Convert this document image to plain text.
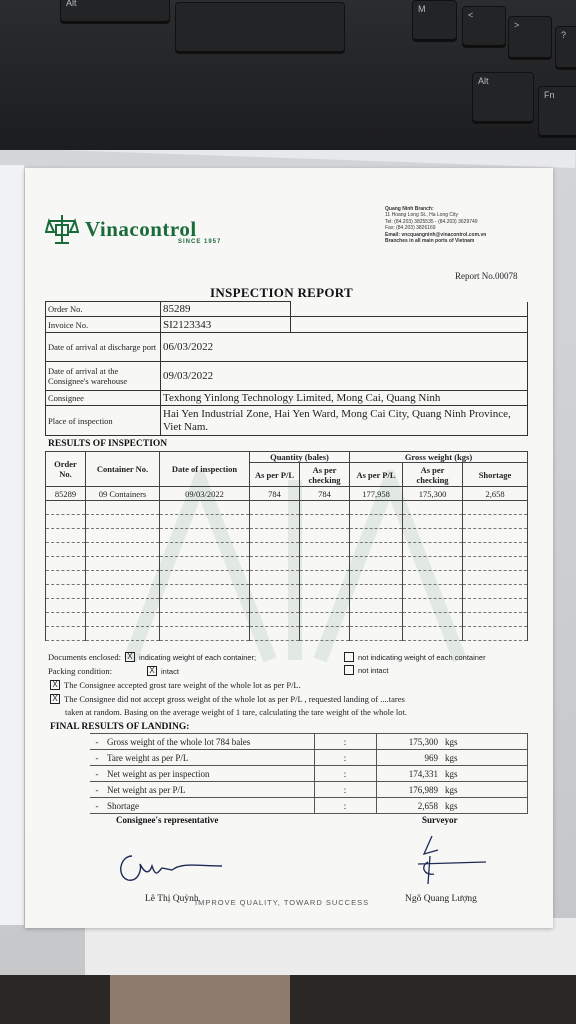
Alt
M
<
>
?
Alt
Fn
Vinacontrol
SINCE 1957
Quang Ninh Branch:
11 Hoang Long St., Ha Long City
Tel: (84.203) 3825535 - (84.203) 3629749
Fax: (84.203) 3826169
Email: vncquangninh@vinacontrol.com.vn
Branches in all main ports of Vietnam
Report No.00078
INSPECTION REPORT
Order No.	85289	
Invoice No.	SI2123343	
Date of arrival at discharge port	06/03/2022	
Date of arrival at the Consignee's warehouse	09/03/2022	
Consignee	Texhong Yinlong Technology Limited, Mong Cai, Quang Ninh	
Place of inspection	Hai Yen Industrial Zone, Hai Yen Ward, Mong Cai City, Quang Ninh Province, Viet Nam.	
RESULTS OF INSPECTION
Order No.	Container No.	Date of inspection	Quantity (bales)		Gross weight (kgs)		
			As per P/L	As per checking	As per P/L	As per checking	Shortage
85289	09 Containers	09/03/2022	784	784	177,958	175,300	2,658

Documents enclosed: X indicating weight of each container;	not indicating weight of each container
Packing condition:	X intact	not intact
X The Consignee accepted grost tare weight of the whole lot as per P/L.
X The Consignee did not accept gross weight of the whole lot as per P/L , requested landing of ....tares
taken at random. Basing on the average weight of 1 tare, calculating the tare weight of the whole lot.
FINAL RESULTS OF LANDING:
-	Gross weight of the whole lot 784 bales	:	175,300	kgs
-	Tare weight as per P/L	:	969	kgs
-	Net weight as per inspection	:	174,331	kgs
-	Net weight as per P/L	:	176,989	kgs
-	Shortage	:	2,658	kgs
Consignee's representative	Surveyor
Lê Thị Quỳnh
IMPROVE QUALITY, TOWARD SUCCESS	Ngô Quang Lượng
